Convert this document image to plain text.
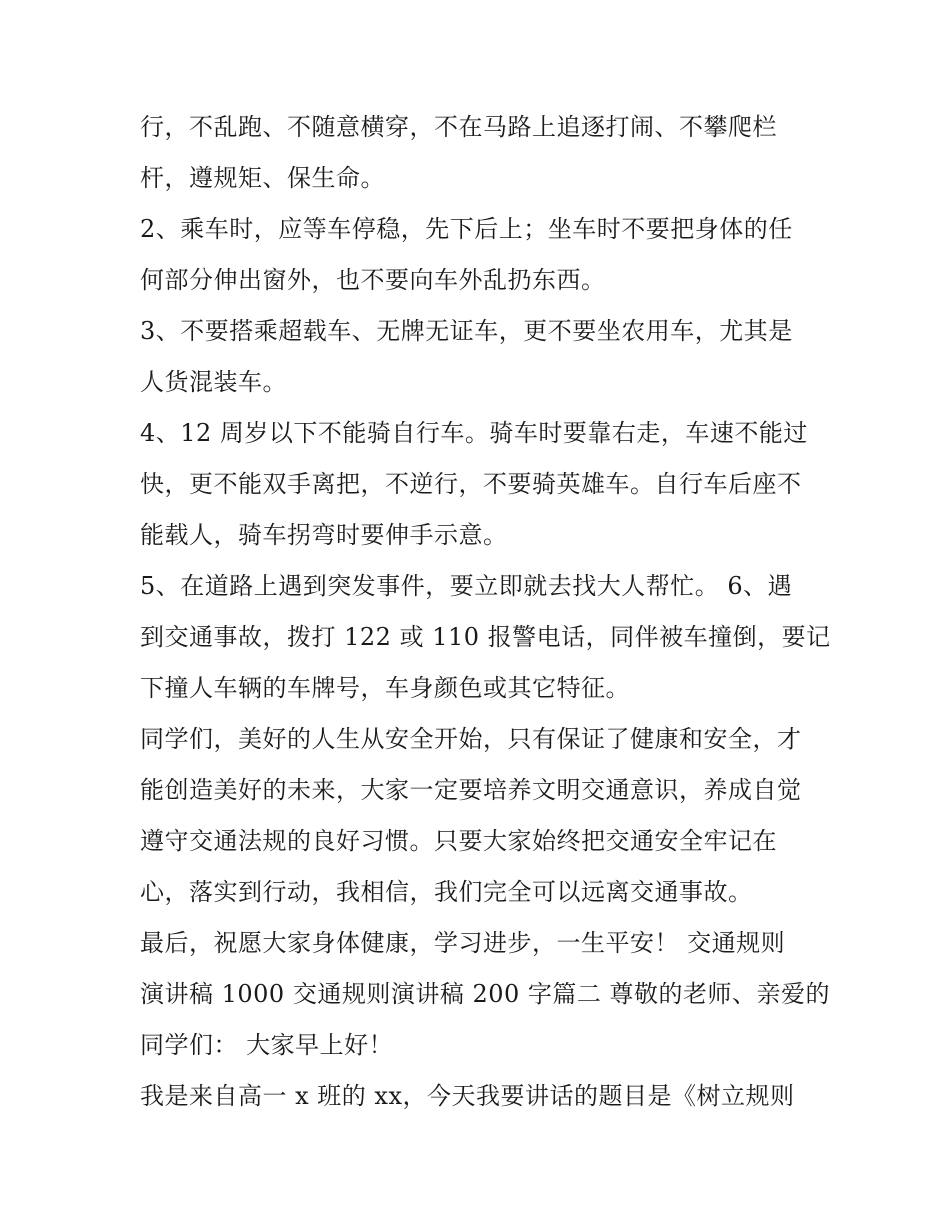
行，不乱跑、不随意横穿，不在马路上追逐打闹、不攀爬栏
杆，遵规矩、保生命。
2、乘车时，应等车停稳，先下后上；坐车时不要把身体的任
何部分伸出窗外，也不要向车外乱扔东西。
3、不要搭乘超载车、无牌无证车，更不要坐农用车，尤其是
人货混装车。
4、12 周岁以下不能骑自行车。骑车时要靠右走，车速不能过
快，更不能双手离把，不逆行，不要骑英雄车。自行车后座不
能载人，骑车拐弯时要伸手示意。
5、在道路上遇到突发事件，要立即就去找大人帮忙。 6、遇
到交通事故，拨打 122 或 110 报警电话，同伴被车撞倒，要记
下撞人车辆的车牌号，车身颜色或其它特征。
同学们，美好的人生从安全开始，只有保证了健康和安全，才
能创造美好的未来，大家一定要培养文明交通意识，养成自觉
遵守交通法规的良好习惯。只要大家始终把交通安全牢记在
心，落实到行动，我相信，我们完全可以远离交通事故。
最后，祝愿大家身体健康，学习进步，一生平安！ 交通规则
演讲稿 1000 交通规则演讲稿 200 字篇二 尊敬的老师、亲爱的
同学们： 大家早上好！
我是来自高一 x 班的 xx，今天我要讲话的题目是《树立规则
